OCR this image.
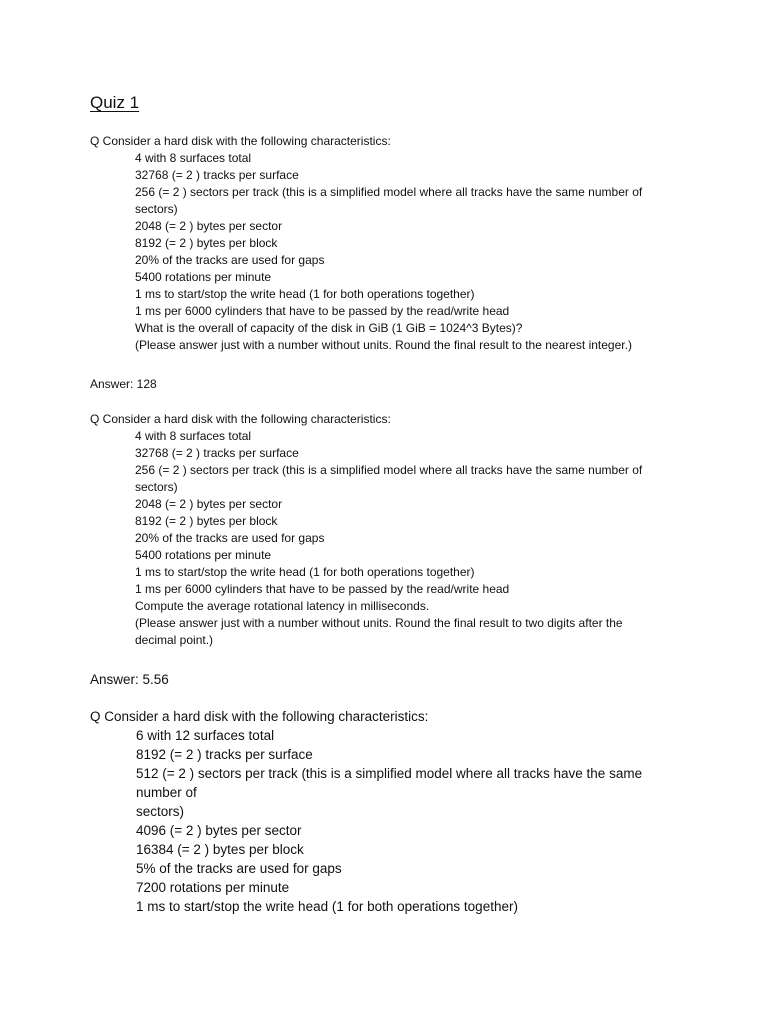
Quiz 1
Q Consider a hard disk with the following characteristics:
4 with 8 surfaces total
32768 (= 2 ) tracks per surface
256 (= 2 ) sectors per track (this is a simplified model where all tracks have the same number of
sectors)
2048 (= 2 ) bytes per sector
8192 (= 2 ) bytes per block
20% of the tracks are used for gaps
5400 rotations per minute
1 ms to start/stop the write head (1 for both operations together)
1 ms per 6000 cylinders that have to be passed by the read/write head
What is the overall of capacity of the disk in GiB (1 GiB = 1024^3 Bytes)?
(Please answer just with a number without units. Round the final result to the nearest integer.)
Answer: 128
Q Consider a hard disk with the following characteristics:
4 with 8 surfaces total
32768 (= 2 ) tracks per surface
256 (= 2 ) sectors per track (this is a simplified model where all tracks have the same number of
sectors)
2048 (= 2 ) bytes per sector
8192 (= 2 ) bytes per block
20% of the tracks are used for gaps
5400 rotations per minute
1 ms to start/stop the write head (1 for both operations together)
1 ms per 6000 cylinders that have to be passed by the read/write head
Compute the average rotational latency in milliseconds.
(Please answer just with a number without units. Round the final result to two digits after the
decimal point.)
Answer: 5.56
Q Consider a hard disk with the following characteristics:
6 with 12 surfaces total
8192 (= 2 ) tracks per surface
512 (= 2 ) sectors per track (this is a simplified model where all tracks have the same
number of
sectors)
4096 (= 2 ) bytes per sector
16384 (= 2 ) bytes per block
5% of the tracks are used for gaps
7200 rotations per minute
1 ms to start/stop the write head (1 for both operations together)
